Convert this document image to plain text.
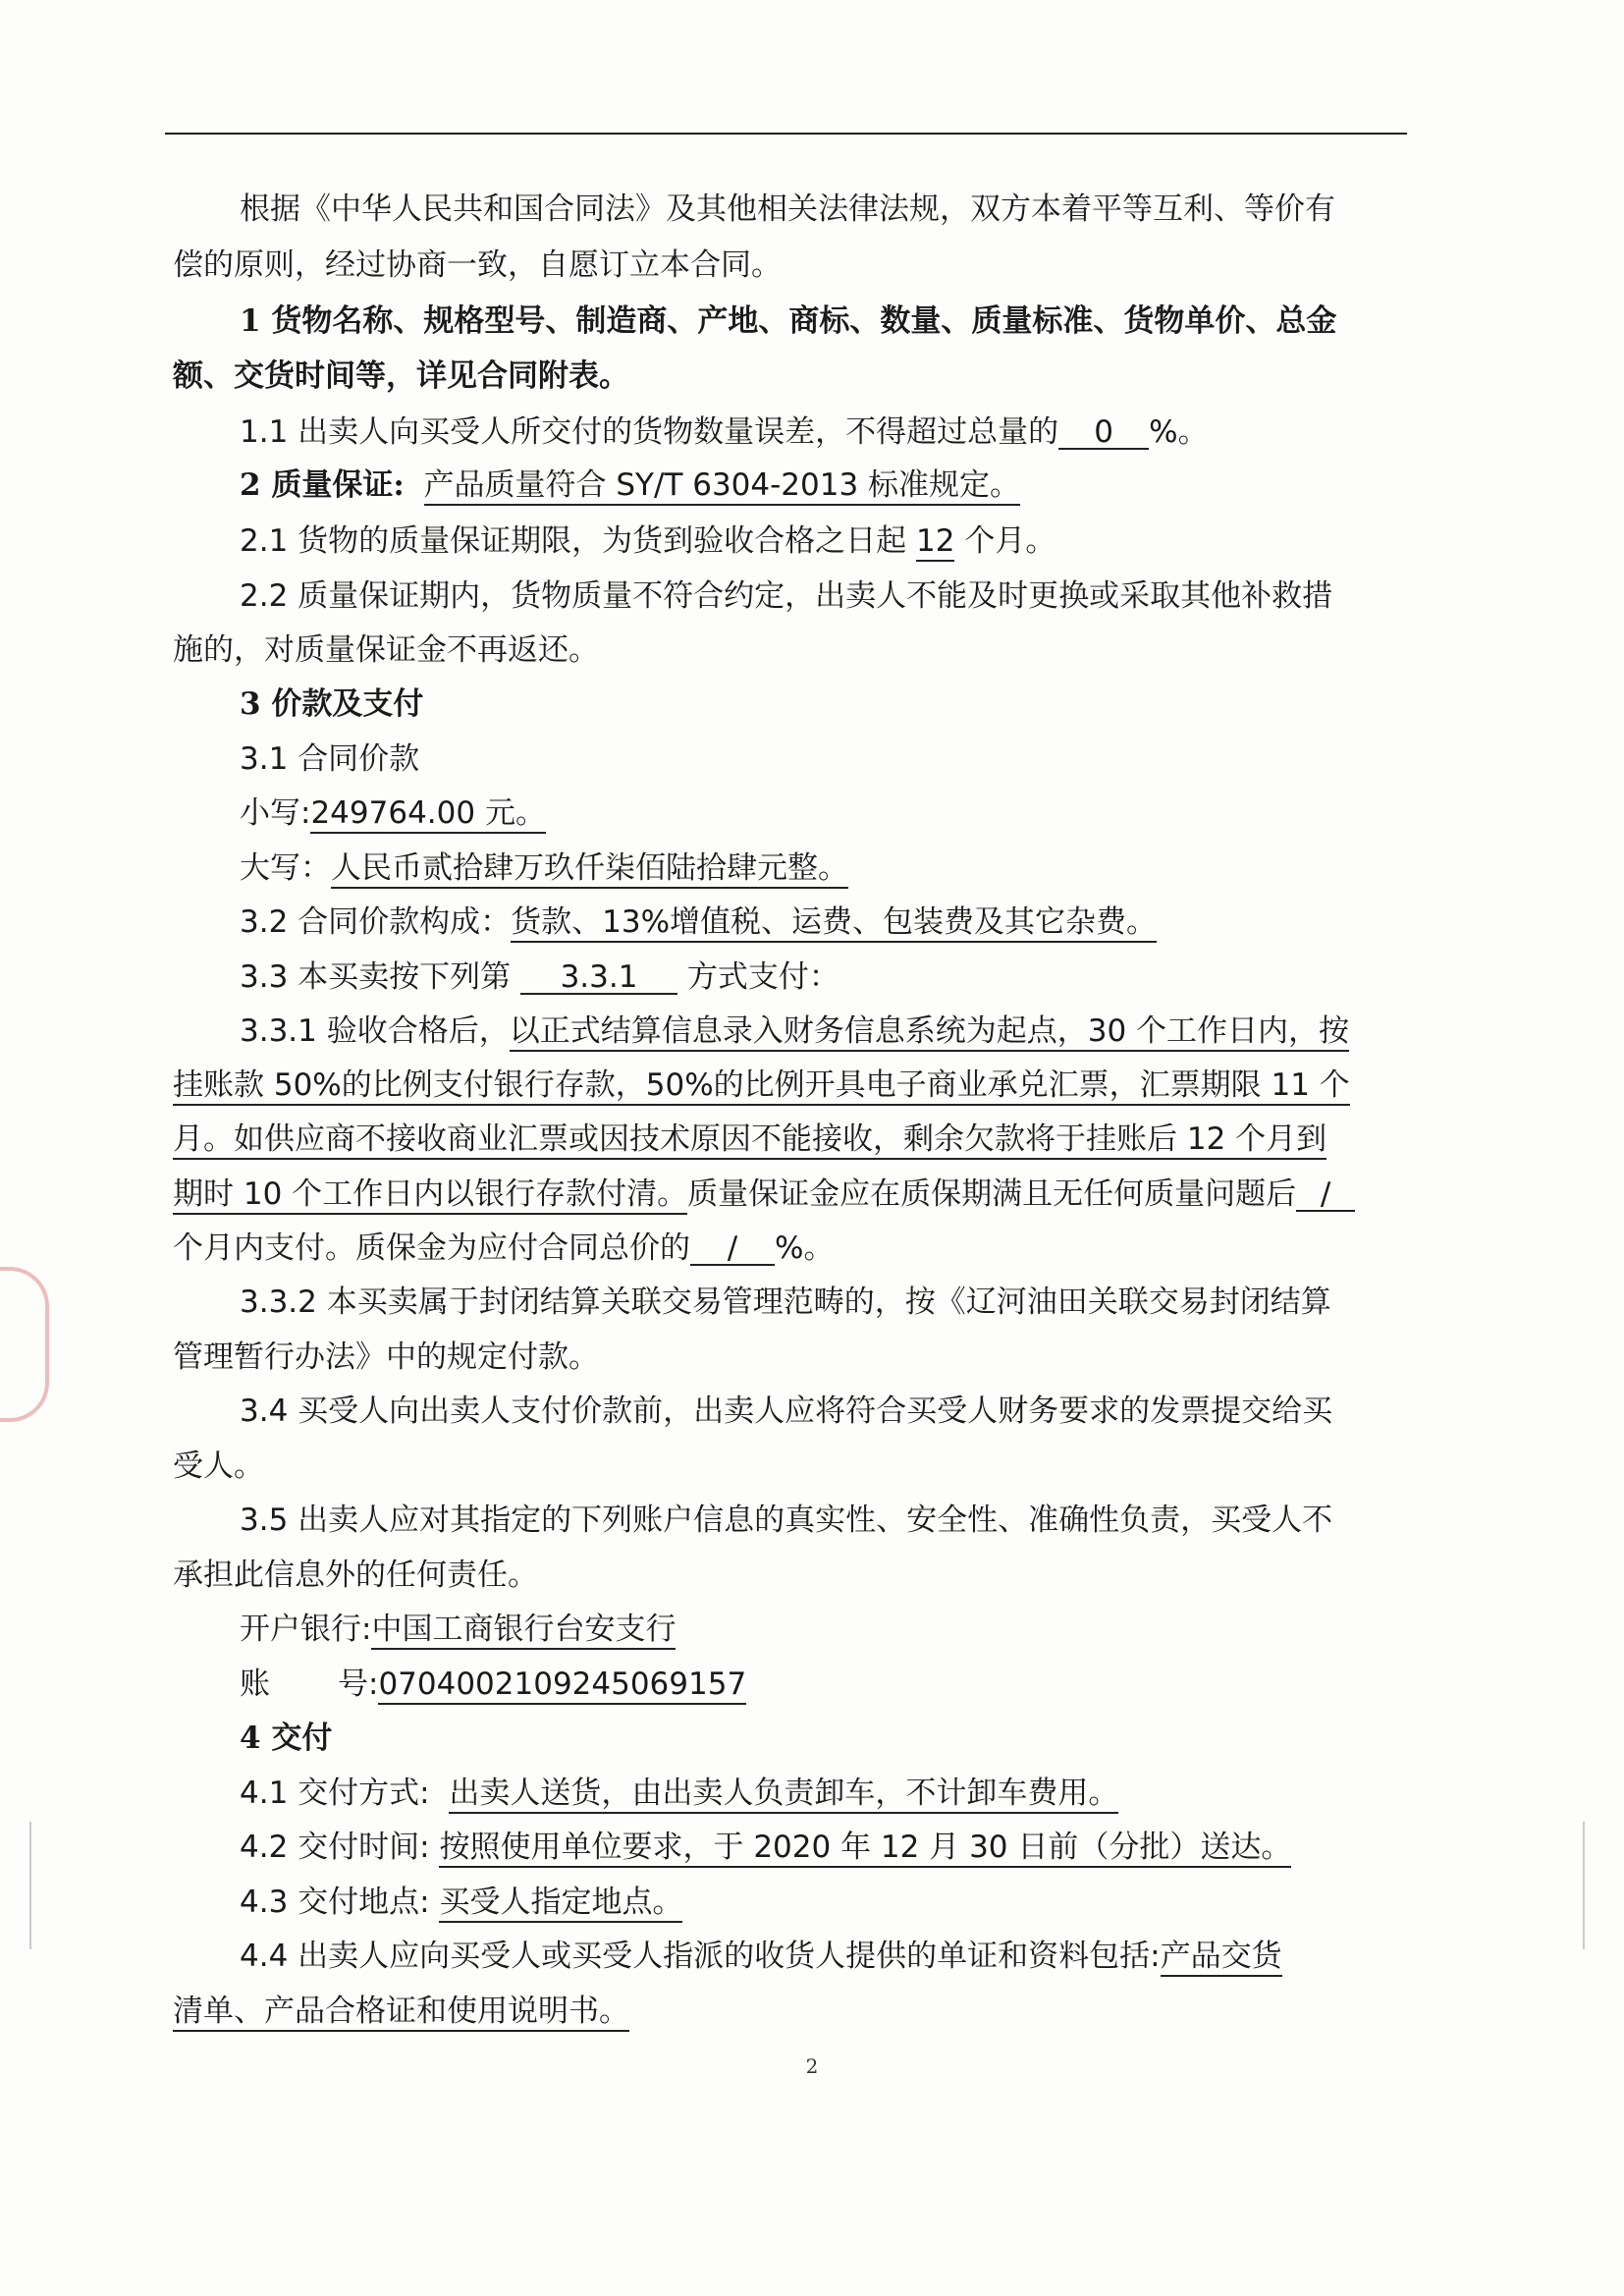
根据《中华人民共和国合同法》及其他相关法律法规，双方本着平等互利、等价有
偿的原则，经过协商一致，自愿订立本合同。
1 货物名称、规格型号、制造商、产地、商标、数量、质量标准、货物单价、总金
额、交货时间等，详见合同附表。
1.1 出卖人向买受人所交付的货物数量误差，不得超过总量的 0 %。
2 质量保证: 产品质量符合 SY/T 6304-2013 标准规定。
2.1 货物的质量保证期限，为货到验收合格之日起 12 个月。
2.2 质量保证期内，货物质量不符合约定，出卖人不能及时更换或采取其他补救措
施的，对质量保证金不再返还。
3 价款及支付
3.1 合同价款
小写:249764.00 元。
大写：人民币贰拾肆万玖仟柒佰陆拾肆元整。
3.2 合同价款构成：货款、13%增值税、运费、包装费及其它杂费。
3.3 本买卖按下列第 3.3.1 方式支付：
3.3.1 验收合格后，以正式结算信息录入财务信息系统为起点，30 个工作日内，按
挂账款 50%的比例支付银行存款，50%的比例开具电子商业承兑汇票，汇票期限 11 个
月。如供应商不接收商业汇票或因技术原因不能接收，剩余欠款将于挂账后 12 个月到
期时 10 个工作日内以银行存款付清。质量保证金应在质保期满且无任何质量问题后 /
个月内支付。质保金为应付合同总价的 / %。
3.3.2 本买卖属于封闭结算关联交易管理范畴的，按《辽河油田关联交易封闭结算
管理暂行办法》中的规定付款。
3.4 买受人向出卖人支付价款前，出卖人应将符合买受人财务要求的发票提交给买
受人。
3.5 出卖人应对其指定的下列账户信息的真实性、安全性、准确性负责，买受人不
承担此信息外的任何责任。
开户银行:中国工商银行台安支行
账       号:0704002109245069157
4 交付
4.1 交付方式: 出卖人送货，由出卖人负责卸车，不计卸车费用。
4.2 交付时间: 按照使用单位要求，于 2020 年 12 月 30 日前（分批）送达。
4.3 交付地点: 买受人指定地点。
4.4 出卖人应向买受人或买受人指派的收货人提供的单证和资料包括:产品交货
清单、产品合格证和使用说明书。
2
